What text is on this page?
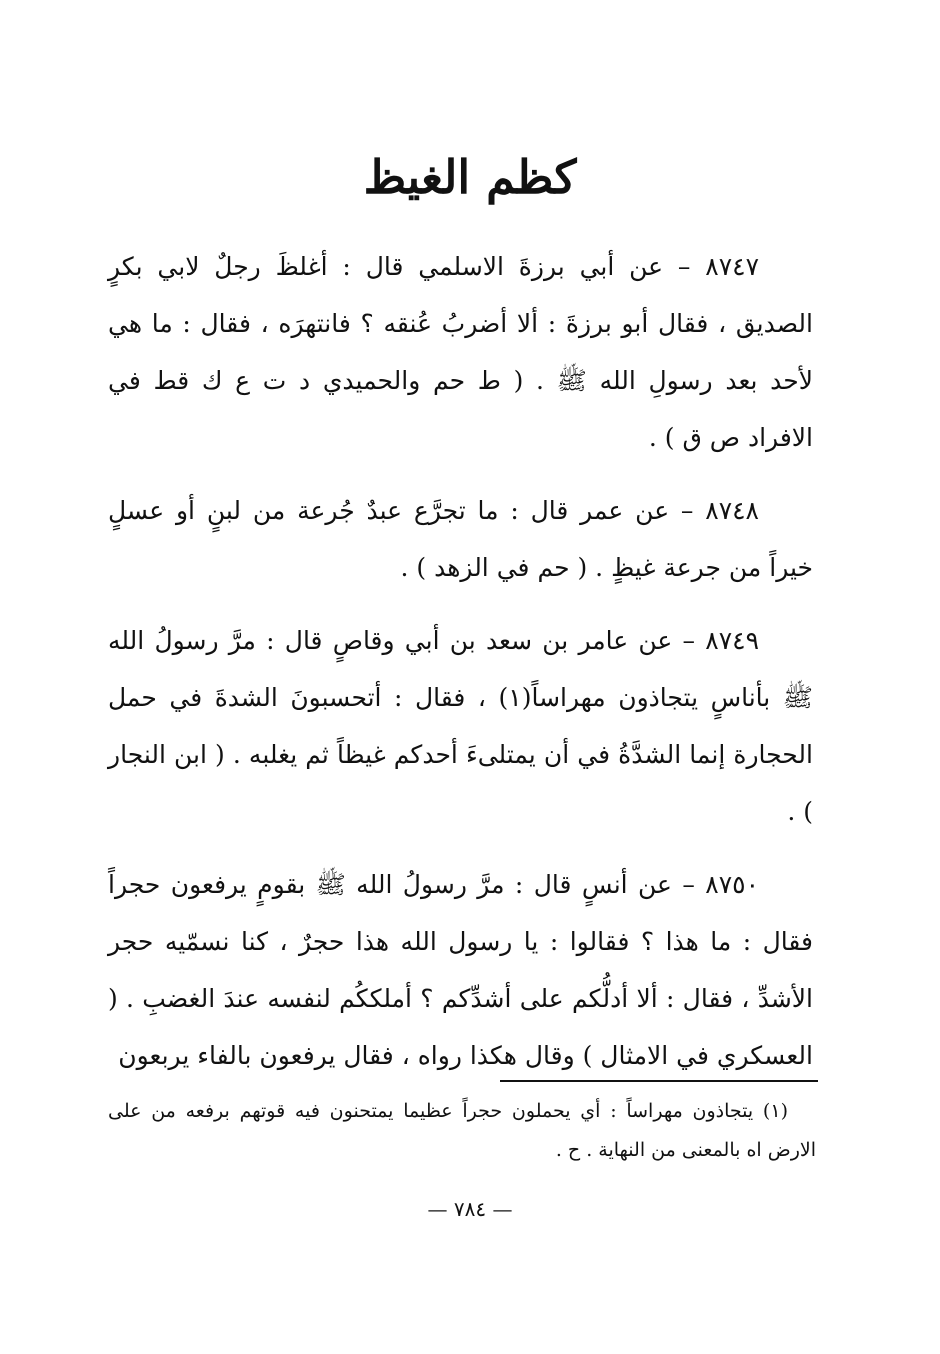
كظم الغيظ

٨٧٤٧ – عن أبي برزةَ الاسلمي قال : أغلظَ رجلٌ لابي بكرٍ الصديق ، فقال أبو برزةَ : ألا أضربُ عُنقه ؟ فانتهرَه ، فقال : ما هي لأحد بعد رسولِ الله ﷺ . ( ط حم والحميدي د ت ع ك قط في الافراد ص ق ) .

٨٧٤٨ – عن عمر قال : ما تجرَّع عبدٌ جُرعة من لبنٍ أو عسلٍ خيراً من جرعة غيظٍ . ( حم في الزهد ) .

٨٧٤٩ – عن عامر بن سعد بن أبي وقاصٍ قال : مرَّ رسولُ الله ﷺ بأناسٍ يتجاذون مهراساً(١) ، فقال : أتحسبونَ الشدةَ في حمل الحجارة إنما الشدَّةُ في أن يمتلىءَ أحدكم غيظاً ثم يغلبه . ( ابن النجار ) .

٨٧٥٠ – عن أنسٍ قال : مرَّ رسولُ الله ﷺ بقومٍ يرفعون حجراً فقال : ما هذا ؟ فقالوا : يا رسول الله هذا حجرٌ ، كنا نسمّيه حجر الأشدِّ ، فقال : ألا أدلُّكم على أشدِّكم ؟ أملككُم لنفسه عندَ الغضبِ . ( العسكري في الامثال ) وقال هكذا رواه ، فقال يرفعون بالفاء يربعون

(١) يتجاذون مهراساً : أي يحملون حجراً عظيما يمتحنون فيه قوتهم برفعه من على الارض اه بالمعنى من النهاية . ح .

— ٧٨٤ —
